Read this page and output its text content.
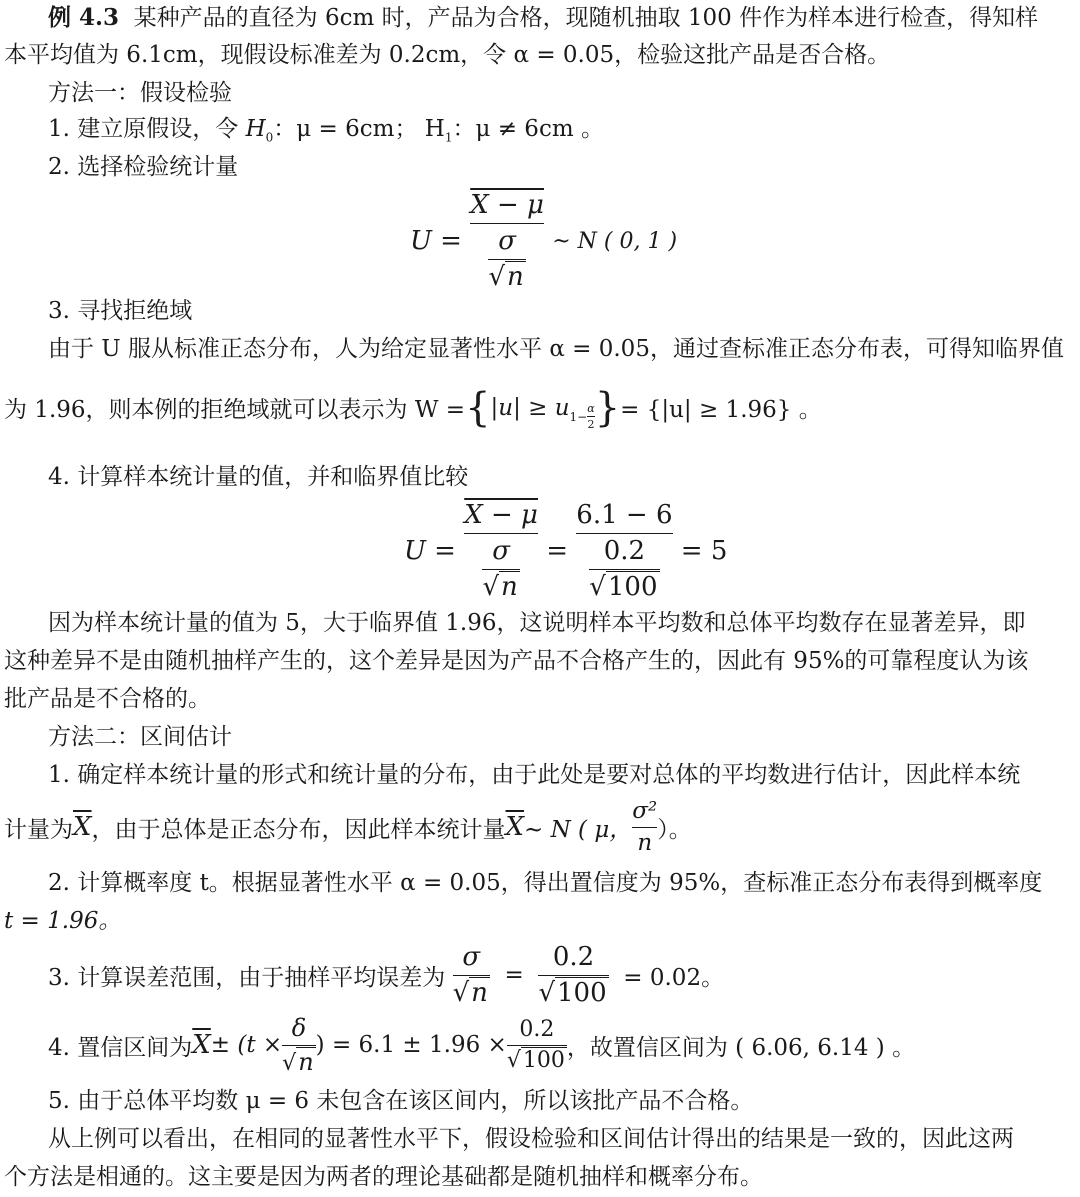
例 4.3 某种产品的直径为 6cm 时，产品为合格，现随机抽取 100 件作为样本进行检查，得知样
本平均值为 6.1cm，现假设标准差为 0.2cm，令 α = 0.05，检验这批产品是否合格。
方法一：假设检验
1. 建立原假设，令 $H_0$：μ = 6cm； $H_1$：μ ≠ 6cm 。
2. 选择检验统计量
U =
$\frac{X - \mu}{\frac{\sigma}{√n}}$
~ N ( 0, 1 )
3. 寻找拒绝域
由于 U 服从标准正态分布，人为给定显著性水平 α = 0.05，通过查标准正态分布表，可得知临界值
为 1.96，则本例的拒绝域就可以表示为 W = { |u| ≥ u $1- \frac{\alpha}{2}$ } = {|u| ≥ 1.96} 。
4. 计算样本统计量的值，并和临界值比较
U =
$\frac{X - \mu}{\frac{\sigma}{√n}}$
=
$\frac{6.1 - 6}{\frac{0.2}{√100}}$
= 5
因为样本统计量的值为 5，大于临界值 1.96，这说明样本平均数和总体平均数存在显著差异，即
这种差异不是由随机抽样产生的，这个差异是因为产品不合格产生的，因此有 95%的可靠程度认为该
批产品是不合格的。
方法二：区间估计
1. 确定样本统计量的形式和统计量的分布，由于此处是要对总体的平均数进行估计，因此样本统
计量为 $\overline{X}$ ，由于总体是正态分布，因此样本统计量 $\overline{X}$ ~ N ( μ， $\frac{\text{σ²}}{n}$ ）。
2. 计算概率度 t。根据显著性水平 α = 0.05，得出置信度为 95%，查标准正态分布表得到概率度
t = 1.96。
3. 计算误差范围，由于抽样平均误差为
$\frac{\sigma}{√n}$
=
$\frac{0.2}{√100}$
= 0.02。
4. 置信区间为 $\overline{X} \pm (t \times \frac{\delta}{√n}$ ) = $6.1 \pm 1.96 \times \frac{0.2}{√100}$ ，故置信区间为 ( 6.06, 6.14 ) 。
5. 由于总体平均数 μ = 6 未包含在该区间内，所以该批产品不合格。
从上例可以看出，在相同的显著性水平下，假设检验和区间估计得出的结果是一致的，因此这两
个方法是相通的。这主要是因为两者的理论基础都是随机抽样和概率分布。
